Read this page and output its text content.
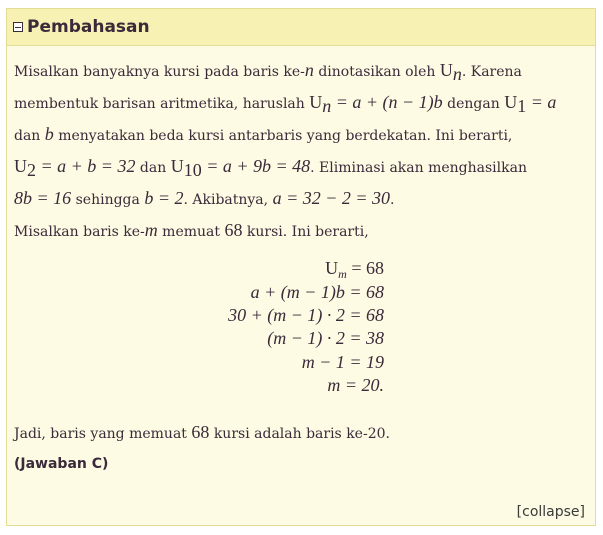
Pembahasan
Misalkan banyaknya kursi pada baris ke-n dinotasikan oleh $U_n$. Karena
membentuk barisan aritmetika, haruslah $U_n = a + (n - 1)b$ dengan $U_1 = a$
dan b menyatakan beda kursi antarbaris yang berdekatan. Ini berarti,
$U_2 = a + b = 32$ dan $U_{10} = a + 9b = 48$. Eliminasi akan menghasilkan
8b = 16 sehingga b = 2. Akibatnya, a = 32 − 2 = 30.
Misalkan baris ke-m memuat 68 kursi. Ini berarti,
$U_m = 68$
a + (m − 1)b = 68
30 + (m − 1) · 2 = 68
(m − 1) · 2 = 38
m − 1 = 19
m = 20.
Jadi, baris yang memuat 68 kursi adalah baris ke-20.
(Jawaban C)
[collapse]
